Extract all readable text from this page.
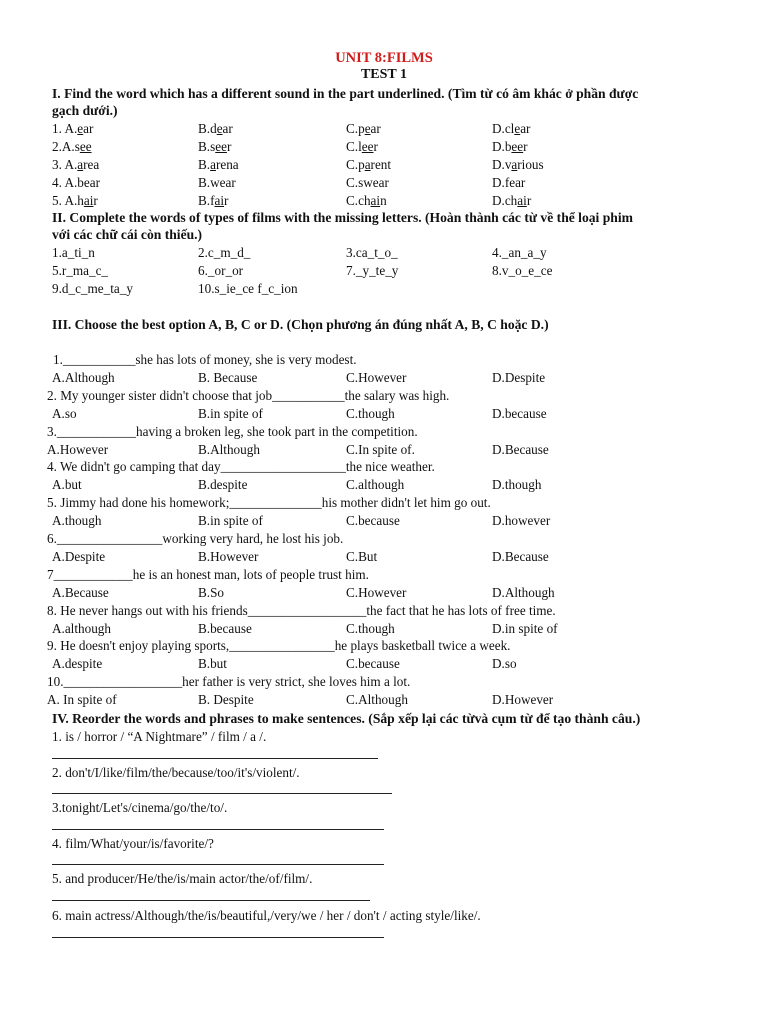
UNIT 8:FILMS
TEST 1
I. Find the word which has a different sound in the part underlined. (Tìm từ có âm khác ở phần được
gạch dưới.)
1. A.ear	B.dear	C.pear	D.clear
2.A.see	B.seer	C.leer	D.beer
3. A.area	B.arena	C.parent	D.various
4. A.bear	B.wear	C.swear	D.fear
5. A.hair	B.fair	C.chain	D.chair
II. Complete the words of types of films with the missing letters. (Hoàn thành các từ về thể loại phim
với các chữ cái còn thiếu.)
1.a_ti_n	2.c_m_d_	3.ca_t_o_	4._an_a_y
5.r_ma_c_	6._or_or	7._y_te_y	8.v_o_e_ce
9.d_c_me_ta_y	10.s_ie_ce f_c_ion
III. Choose the best option A, B, C or D. (Chọn phương án đúng nhất A, B, C hoặc D.)
1.___________she has lots of money, she is very modest.
A.Although	B. Because	C.However	D.Despite
2. My younger sister didn't choose that job___________the salary was high.
A.so	B.in spite of	C.though	D.because
3.____________having a broken leg, she took part in the competition.
A.However	B.Although	C.In spite of.	D.Because
4. We didn't go camping that day___________________the nice weather.
A.but	B.despite	C.although	D.though
5. Jimmy had done his homework;______________his mother didn't let him go out.
A.though	B.in spite of	C.because	D.however
6.________________working very hard, he lost his job.
A.Despite	B.However	C.But	D.Because
7____________he is an honest man, lots of people trust him.
A.Because	B.So	C.However	D.Although
8. He never hangs out with his friends__________________the fact that he has lots of free time.
A.although	B.because	C.though	D.in spite of
9. He doesn't enjoy playing sports,________________he plays basketball twice a week.
A.despite	B.but	C.because	D.so
10.__________________her father is very strict, she loves him a lot.
A. In spite of	B. Despite	C.Although	D.However
IV. Reorder the words and phrases to make sentences. (Sắp xếp lại các từvà cụm từ để tạo thành câu.)
1. is / horror / “A Nightmare” / film / a /.
2. don't/I/like/film/the/because/too/it's/violent/.
3.tonight/Let's/cinema/go/the/to/.
4. film/What/your/is/favorite/?
5. and producer/He/the/is/main actor/the/of/film/.
6. main actress/Although/the/is/beautiful,/very/we / her / don't / acting style/like/.
